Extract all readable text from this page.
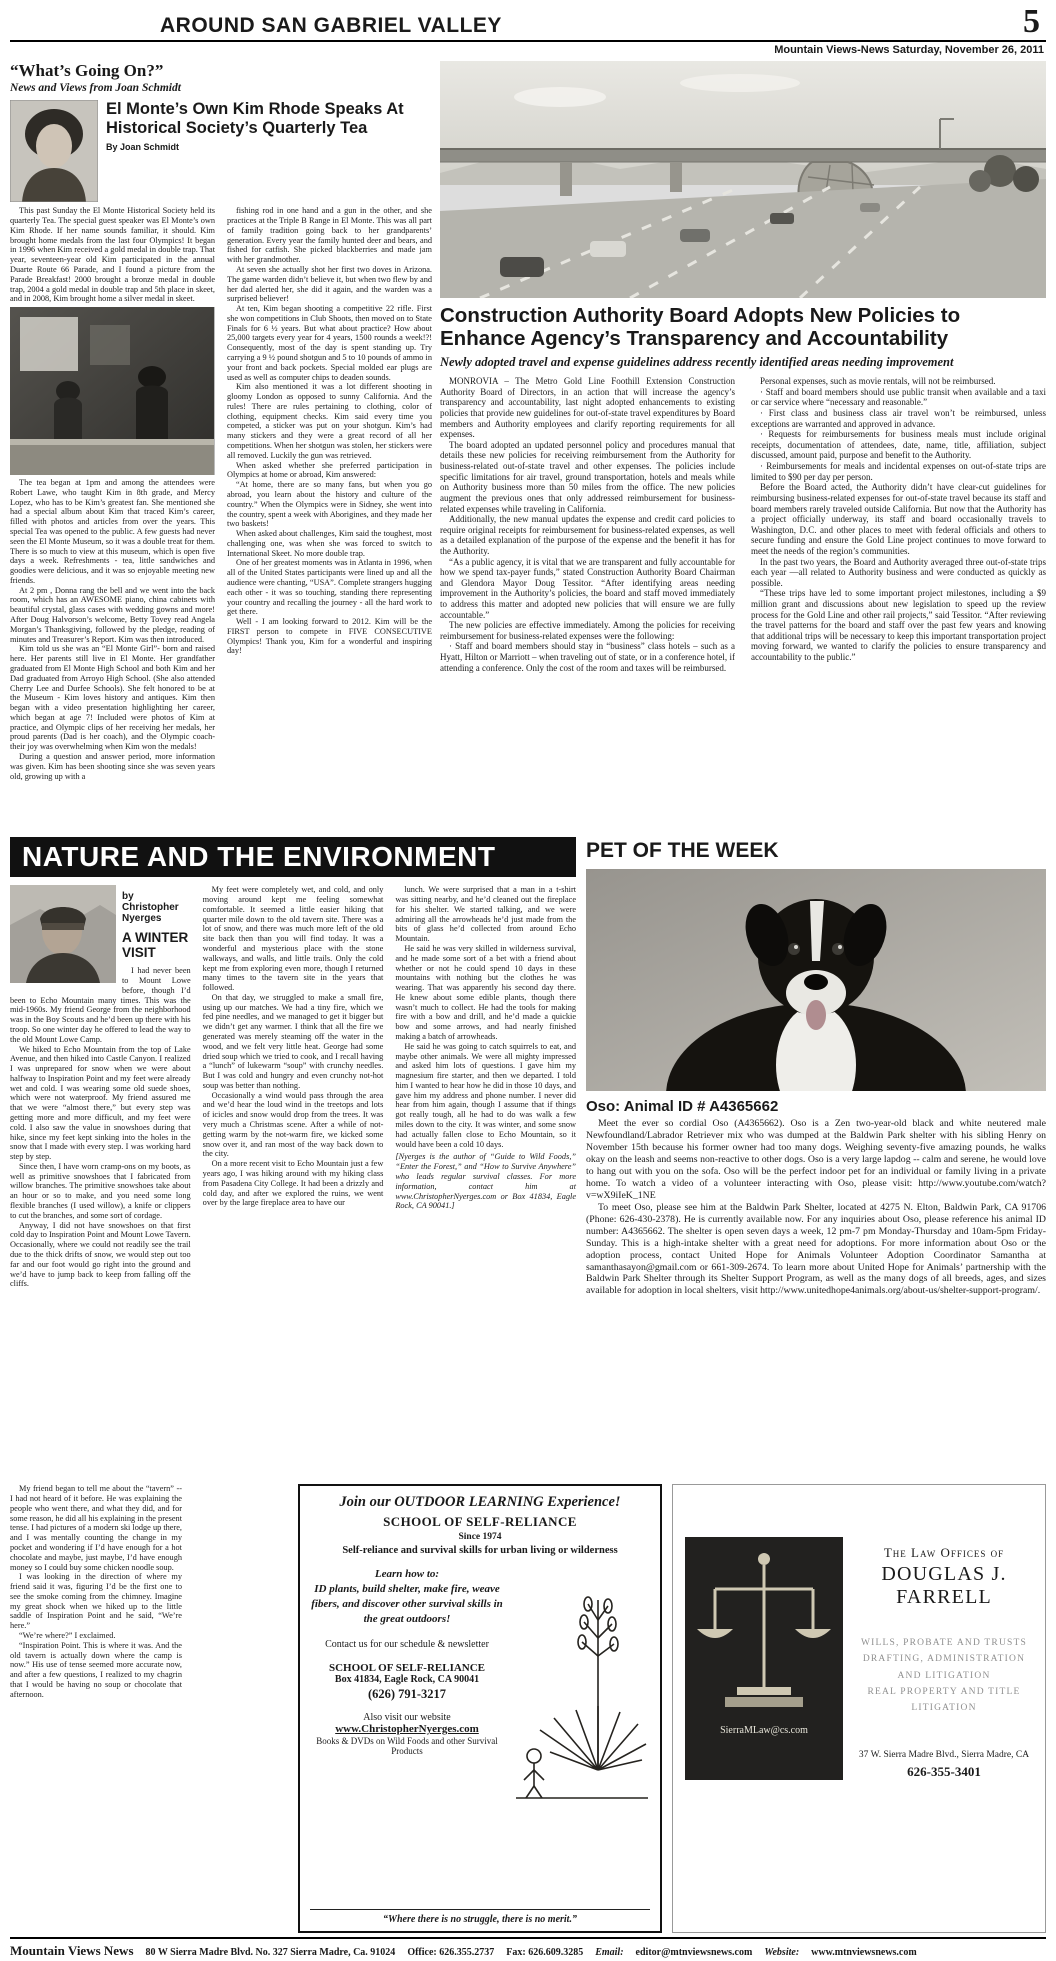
AROUND SAN GABRIEL VALLEY	5
Mountain Views-News Saturday, November 26, 2011
“What’s Going On?”
News and Views from Joan Schmidt
El Monte’s Own Kim Rhode Speaks At Historical Society’s Quarterly Tea
By Joan Schmidt

This past Sunday the El Monte Historical Society held its quarterly Tea. The special guest speaker was El Monte’s own Kim Rhode. If her name sounds familiar, it should. Kim brought home medals from the last four Olympics! It began in 1996 when Kim received a gold medal in double trap. That year, seventeen-year old Kim participated in the annual Duarte Route 66 Parade, and I found a picture from the Parade Breakfast! 2000 brought a bronze medal in double trap, 2004 a gold medal in double trap and 5th place in skeet, and in 2008, Kim brought home a silver medal in skeet.

The tea began at 1pm and among the attendees were Robert Lawe, who taught Kim in 8th grade, and Mercy Lopez, who has to be Kim’s greatest fan. She mentioned she had a special album about Kim that traced Kim’s career, filled with photos and articles from over the years. This special Tea was opened to the public. A few guests had never seen the El Monte Museum, so it was a double treat for them. There is so much to view at this museum, which is open five days a week. Refreshments - tea, little sandwiches and goodies were delicious, and it was so enjoyable meeting new friends.

At 2 pm , Donna rang the bell and we went into the back room, which has an AWESOME piano, china cabinets with beautiful crystal, glass cases with wedding gowns and more! After Doug Halvorson’s welcome, Betty Tovey read Angela Morgan’s Thanksgiving, followed by the pledge, reading of minutes and Treasurer’s Report. Kim was then introduced.

Kim told us she was an “El Monte Girl”- born and raised here. Her parents still live in El Monte. Her grandfather graduated from El Monte High School and both Kim and her Dad graduated from Arroyo High School. (She also attended Cherry Lee and Durfee Schools). She felt honored to be at the Museum - Kim loves history and antiques. Kim then began with a video presentation highlighting her career, which began at age 7! Included were photos of Kim at practice, and Olympic clips of her receiving her medals, her proud parents (Dad is her coach), and the Olympic coach-their joy was overwhelming when Kim won the medals!

During a question and answer period, more information was given. Kim has been shooting since she was seven years old, growing up with a

fishing rod in one hand and a gun in the other, and she practices at the Triple B Range in El Monte. This was all part of family tradition going back to her grandparents’ generation. Every year the family hunted deer and bears, and fished for catfish. She picked blackberries and made jam with her grandmother.

At seven she actually shot her first two doves in Arizona. The game warden didn’t believe it, but when two flew by and her dad alerted her, she did it again, and the warden was a surprised believer!

At ten, Kim began shooting a competitive 22 rifle. First she won competitions in Club Shoots, then moved on to State Finals for 6 ½ years. But what about practice? How about 25,000 targets every year for 4 years, 1500 rounds a week!?! Consequently, most of the day is spent standing up. Try carrying a 9 ½ pound shotgun and 5 to 10 pounds of ammo in your front and back pockets. Special molded ear plugs are used as well as computer chips to deaden sounds.

Kim also mentioned it was a lot different shooting in gloomy London as opposed to sunny California. And the rules! There are rules pertaining to clothing, color of clothing, equipment checks. Kim said every time you competed, a sticker was put on your shotgun. Kim’s had many stickers and they were a great record of all her competitions. When her shotgun was stolen, her stickers were all removed. Luckily the gun was retrieved.

When asked whether she preferred participation in Olympics at home or abroad, Kim answered:

“At home, there are so many fans, but when you go abroad, you learn about the history and culture of the country.” When the Olympics were in Sidney, she went into the country, spent a week with Aborigines, and they made her two baskets!

When asked about challenges, Kim said the toughest, most challenging one, was when she was forced to switch to International Skeet. No more double trap.

One of her greatest moments was in Atlanta in 1996, when all of the United States participants were lined up and all the audience were chanting, “USA”. Complete strangers hugging each other - it was so touching, standing there representing your country and recalling the journey - all the hard work to get there.

Well - I am looking forward to 2012. Kim will be the FIRST person to compete in FIVE CONSECUTIVE Olympics! Thank you, Kim for a wonderful and inspiring day!

Construction Authority Board Adopts New Policies to Enhance Agency’s Transparency and Accountability
Newly adopted travel and expense guidelines address recently identified areas needing improvement

MONROVIA – The Metro Gold Line Foothill Extension Construction Authority Board of Directors, in an action that will increase the agency’s transparency and accountability, last night adopted enhancements to existing policies that provide new guidelines for out-of-state travel expenditures by Board members and Authority employees and clarify reporting requirements for all expenses.

The board adopted an updated personnel policy and procedures manual that details these new policies for receiving reimbursement from the Authority for business-related out-of-state travel and other expenses. The policies include specific limitations for air travel, ground transportation, hotels and meals while on Authority business more than 50 miles from the office. The new policies augment the previous ones that only addressed reimbursement for business-related expenses while traveling in California.

Additionally, the new manual updates the expense and credit card policies to require original receipts for reimbursement for business-related expenses, as well as a detailed explanation of the purpose of the expense and the benefit it has for the Authority.

“As a public agency, it is vital that we are transparent and fully accountable for how we spend tax-payer funds,” stated Construction Authority Board Chairman and Glendora Mayor Doug Tessitor. “After identifying areas needing improvement in the Authority’s policies, the board and staff moved immediately to address this matter and adopted new policies that will ensure we are fully accountable.”

The new policies are effective immediately. Among the policies for receiving reimbursement for business-related expenses were the following:

· Staff and board members should stay in “business” class hotels – such as a Hyatt, Hilton or Marriott – when traveling out of state, or in a conference hotel, if attending a conference. Only the cost of the room and taxes will be reimbursed.

Personal expenses, such as movie rentals, will not be reimbursed.

· Staff and board members should use public transit when available and a taxi or car service where “necessary and reasonable.”

· First class and business class air travel won’t be reimbursed, unless exceptions are warranted and approved in advance.

· Requests for reimbursements for business meals must include original receipts, documentation of attendees, date, name, title, affiliation, subject discussed, amount paid, purpose and benefit to the Authority.

· Reimbursements for meals and incidental expenses on out-of-state trips are limited to $90 per day per person.

Before the Board acted, the Authority didn’t have clear-cut guidelines for reimbursing business-related expenses for out-of-state travel because its staff and board members rarely traveled outside California. But now that the Authority has a project officially underway, its staff and board occasionally travels to Washington, D.C. and other places to meet with federal officials and others to secure funding and ensure the Gold Line project continues to move forward to meet the needs of the region’s communities.

In the past two years, the Board and Authority averaged three out-of-state trips each year —all related to Authority business and were conducted as quickly as possible.

“These trips have led to some important project milestones, including a $9 million grant and discussions about new legislation to speed up the review process for the Gold Line and other rail projects,” said Tessitor. “After reviewing the travel patterns for the board and staff over the past few years and knowing that additional trips will be necessary to keep this important transportation project moving forward, we wanted to clarify the policies to ensure transparency and accountability to the public.”

NATURE AND THE ENVIRONMENT
by Christopher Nyerges
A WINTER VISIT

I had never been to Mount Lowe before, though I’d been to Echo Mountain many times. This was the mid-1960s. My friend George from the neighborhood was in the Boy Scouts and he’d been up there with his troop. So one winter day he offered to lead the way to the old Mount Lowe Camp.

We hiked to Echo Mountain from the top of Lake Avenue, and then hiked into Castle Canyon. I realized I was unprepared for snow when we were about halfway to Inspiration Point and my feet were already wet and cold. I was wearing some old suede shoes, which were not waterproof. My friend assured me that we were “almost there,” but every step was getting more and more difficult, and my feet were cold. I also saw the value in snowshoes during that hike, since my feet kept sinking into the holes in the snow that I made with every step. I was working hard step by step.

Since then, I have worn cramp-ons on my boots, as well as primitive snowshoes that I fabricated from willow branches. The primitive snowshoes take about an hour or so to make, and you need some long flexible branches (I used willow), a knife or clippers to cut the branches, and some sort of cordage.

Anyway, I did not have snowshoes on that first cold day to Inspiration Point and Mount Lowe Tavern. Occasionally, where we could not readily see the trail due to the thick drifts of snow, we would step out too far and our foot would go right into the ground and we’d have to jump back to keep from falling off the cliffs.

My feet were completely wet, and cold, and only moving around kept me feeling somewhat comfortable. It seemed a little easier hiking that quarter mile down to the old tavern site. There was a lot of snow, and there was much more left of the old site back then than you will find today. It was a wonderful and mysterious place with the stone walkways, and walls, and little trails. Only the cold kept me from exploring even more, though I returned many times to the tavern site in the years that followed.

On that day, we struggled to make a small fire, using up our matches. We had a tiny fire, which we fed pine needles, and we managed to get it bigger but we didn’t get any warmer. I think that all the fire we generated was merely steaming off the water in the wood, and we felt very little heat. George had some dried soup which we tried to cook, and I recall having a “lunch” of lukewarm “soup” with crunchy needles. But I was cold and hungry and even crunchy not-hot soup was better than nothing.

Occasionally a wind would pass through the area and we’d hear the loud wind in the treetops and lots of icicles and snow would drop from the trees. It was very much a Christmas scene. After a while of not-getting warm by the not-warm fire, we kicked some snow over it, and ran most of the way back down to the city.

On a more recent visit to Echo Mountain just a few years ago, I was hiking around with my hiking class from Pasadena City College. It had been a drizzly and cold day, and after we explored the ruins, we went over by the large fireplace area to have our

lunch. We were surprised that a man in a t-shirt was sitting nearby, and he’d cleaned out the fireplace for his shelter. We started talking, and we were admiring all the arrowheads he’d just made from the bits of glass he’d collected from around Echo Mountain.

He said he was very skilled in wilderness survival, and he made some sort of a bet with a friend about whether or not he could spend 10 days in these mountains with nothing but the clothes he was wearing. That was apparently his second day there. He knew about some edible plants, though there wasn’t much to collect. He had the tools for making fire with a bow and drill, and he’d made a quickie bow and some arrows, and had nearly finished making a batch of arrowheads.

He said he was going to catch squirrels to eat, and maybe other animals. We were all mighty impressed and asked him lots of questions. I gave him my magnesium fire starter, and then we departed. I told him I wanted to hear how he did in those 10 days, and gave him my address and phone number. I never did hear from him again, though I assume that if things got really tough, all he had to do was walk a few miles down to the city. It was winter, and some snow had actually fallen close to Echo Mountain, so it would have been a cold 10 days.

[Nyerges is the author of “Guide to Wild Foods,” “Enter the Forest,” and “How to Survive Anywhere” who leads regular survival classes. For more information, contact him at www.ChristopherNyerges.com or Box 41834, Eagle Rock, CA 90041.]
PET OF THE WEEK
Oso: Animal ID # A4365662

Meet the ever so cordial Oso (A4365662). Oso is a Zen two-year-old black and white neutered male Newfoundland/Labrador Retriever mix who was dumped at the Baldwin Park shelter with his sibling Henry on November 15th because his former owner had too many dogs. Weighing seventy-five amazing pounds, he walks okay on the leash and seems non-reactive to other dogs. Oso is a very large lapdog -- calm and serene, he would love to hang out with you on the sofa. Oso will be the perfect indoor pet for an individual or family living in a private home. To watch a video of a volunteer interacting with Oso, please visit: http://www.youtube.com/watch?v=wX9iIeK_1NE

To meet Oso, please see him at the Baldwin Park Shelter, located at 4275 N. Elton, Baldwin Park, CA 91706 (Phone: 626-430-2378). He is currently available now. For any inquiries about Oso, please reference his animal ID number: A4365662. The shelter is open seven days a week, 12 pm-7 pm Monday-Thursday and 10am-5pm Friday-Sunday. This is a high-intake shelter with a great need for adoptions. For more information about Oso or the adoption process, contact United Hope for Animals Volunteer Adoption Coordinator Samantha at samanthasayon@gmail.com or 661-309-2674. To learn more about United Hope for Animals’ partnership with the Baldwin Park Shelter through its Shelter Support Program, as well as the many dogs of all breeds, ages, and sizes available for adoption in local shelters, visit http://www.unitedhope4animals.org/about-us/shelter-support-program/.

My friend began to tell me about the “tavern” -- I had not heard of it before. He was explaining the people who went there, and what they did, and for some reason, he did all his explaining in the present tense. I had pictures of a modern ski lodge up there, and I was mentally counting the change in my pocket and wondering if I’d have enough for a hot chocolate and maybe, just maybe, I’d have enough money so I could buy some chicken noodle soup.

I was looking in the direction of where my friend said it was, figuring I’d be the first one to see the smoke coming from the chimney. Imagine my great shock when we hiked up to the little saddle of Inspiration Point and he said, “We’re here.”

“We’re where?” I exclaimed.

“Inspiration Point. This is where it was. And the old tavern is actually down where the camp is now.” His use of tense seemed more accurate now, and after a few questions, I realized to my chagrin that I would be having no soup or chocolate that afternoon.

Join our OUTDOOR LEARNING Experience!
SCHOOL OF SELF-RELIANCE
Since 1974
Self-reliance and survival skills for urban living or wilderness
Learn how to:
ID plants, build shelter, make fire, weave fibers, and discover other survival skills in the great outdoors!
Contact us for our schedule & newsletter
SCHOOL OF SELF-RELIANCE
Box 41834, Eagle Rock, CA 90041
(626) 791-3217
Also visit our website
www.ChristopherNyerges.com
Books & DVDs on Wild Foods and other Survival Products
“Where there is no struggle, there is no merit.”
SierraMLaw@cs.com
The Law Offices of
DOUGLAS J. FARRELL

WILLS, PROBATE AND TRUSTS

DRAFTING, ADMINISTRATION

AND LITIGATION

REAL PROPERTY AND TITLE LITIGATION

37 W. Sierra Madre Blvd., Sierra Madre, CA
626-355-3401
Mountain Views News 80 W Sierra Madre Blvd. No. 327 Sierra Madre, Ca. 91024 Office: 626.355.2737 Fax: 626.609.3285 Email: editor@mtnviewsnews.com Website: www.mtnviewsnews.com
